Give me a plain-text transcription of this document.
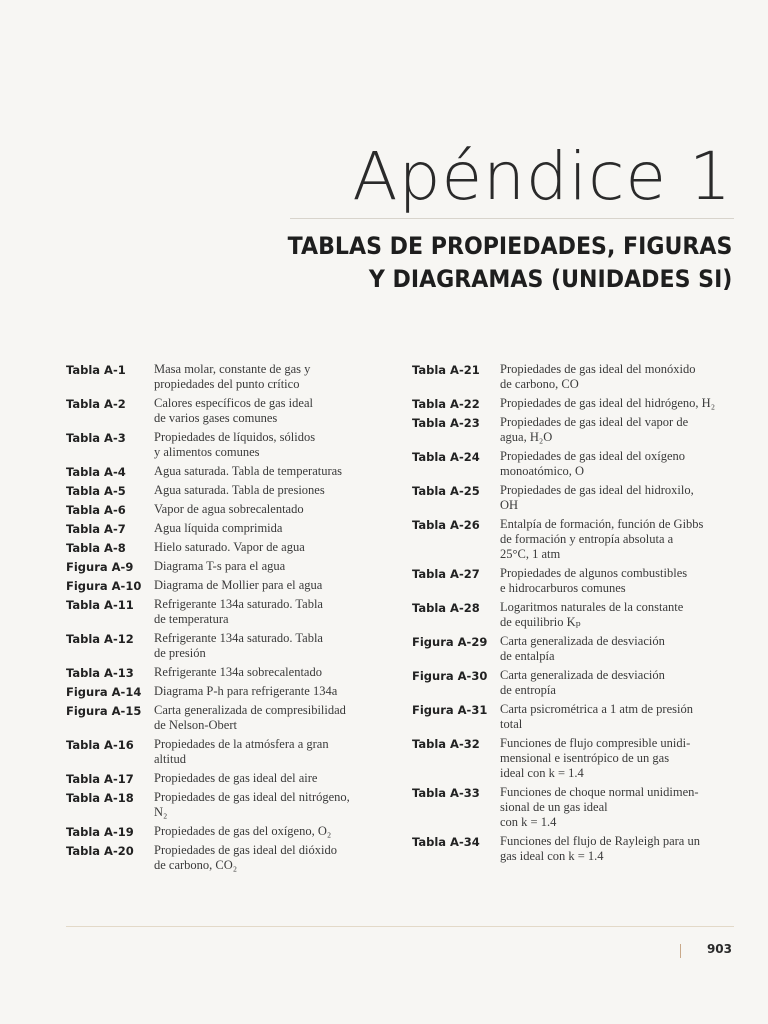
Apéndice 1
TABLAS DE PROPIEDADES, FIGURAS
Y DIAGRAMAS (UNIDADES SI)
Tabla A-1	Masa molar, constante de gas y
propiedades del punto crítico
Tabla A-2	Calores específicos de gas ideal
de varios gases comunes
Tabla A-3	Propiedades de líquidos, sólidos
y alimentos comunes
Tabla A-4	Agua saturada. Tabla de temperaturas
Tabla A-5	Agua saturada. Tabla de presiones
Tabla A-6	Vapor de agua sobrecalentado
Tabla A-7	Agua líquida comprimida
Tabla A-8	Hielo saturado. Vapor de agua
Figura A-9	Diagrama T-s para el agua
Figura A-10	Diagrama de Mollier para el agua
Tabla A-11	Refrigerante 134a saturado. Tabla
de temperatura
Tabla A-12	Refrigerante 134a saturado. Tabla
de presión
Tabla A-13	Refrigerante 134a sobrecalentado
Figura A-14	Diagrama P-h para refrigerante 134a
Figura A-15	Carta generalizada de compresibilidad
de Nelson-Obert
Tabla A-16	Propiedades de la atmósfera a gran
altitud
Tabla A-17	Propiedades de gas ideal del aire
Tabla A-18	Propiedades de gas ideal del nitrógeno,
N₂
Tabla A-19	Propiedades de gas del oxígeno, O₂
Tabla A-20	Propiedades de gas ideal del dióxido
de carbono, CO₂
Tabla A-21	Propiedades de gas ideal del monóxido
de carbono, CO
Tabla A-22	Propiedades de gas ideal del hidrógeno, H₂
Tabla A-23	Propiedades de gas ideal del vapor de
agua, H₂O
Tabla A-24	Propiedades de gas ideal del oxígeno
monoatómico, O
Tabla A-25	Propiedades de gas ideal del hidroxilo,
OH
Tabla A-26	Entalpía de formación, función de Gibbs
de formación y entropía absoluta a
25°C, 1 atm
Tabla A-27	Propiedades de algunos combustibles
e hidrocarburos comunes
Tabla A-28	Logaritmos naturales de la constante
de equilibrio Kₚ
Figura A-29	Carta generalizada de desviación
de entalpía
Figura A-30	Carta generalizada de desviación
de entropía
Figura A-31	Carta psicrométrica a 1 atm de presión
total
Tabla A-32	Funciones de flujo compresible unidi-
mensional e isentrópico de un gas
ideal con k = 1.4
Tabla A-33	Funciones de choque normal unidimen-
sional de un gas ideal
con k = 1.4
Tabla A-34	Funciones del flujo de Rayleigh para un
gas ideal con k = 1.4
903
